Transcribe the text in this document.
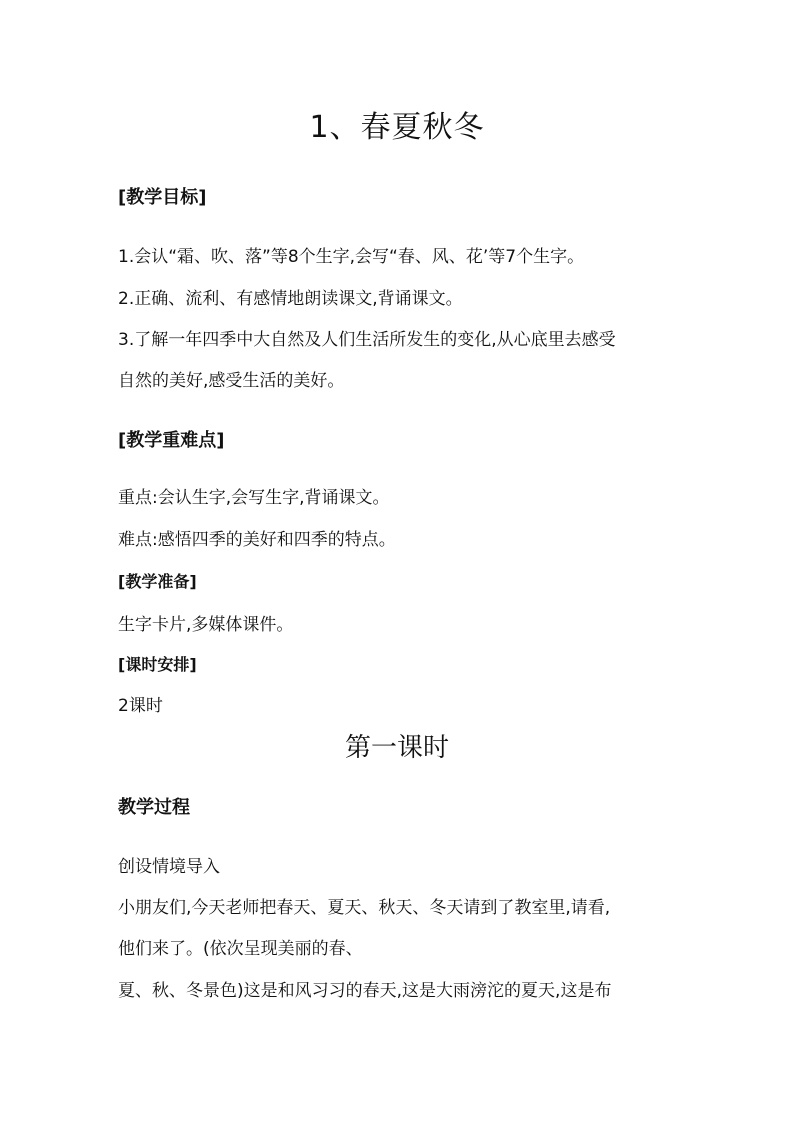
1、春夏秋冬
[教学目标]
1.会认“霜、吹、落”等8个生字,会写“春、风、花’等7个生字。
2.正确、流利、有感情地朗读课文,背诵课文。
3.了解一年四季中大自然及人们生活所发生的变化,从心底里去感受
自然的美好,感受生活的美好。
[教学重难点]
重点:会认生字,会写生字,背诵课文。
难点:感悟四季的美好和四季的特点。
[教学准备]
生字卡片,多媒体课件。
[课时安排]
2课时
第一课时
教学过程
创设情境导入
小朋友们,今天老师把春天、夏天、秋天、冬天请到了教室里,请看,
他们来了。(依次呈现美丽的春、
夏、秋、冬景色)这是和风习习的春天,这是大雨滂沱的夏天,这是布
